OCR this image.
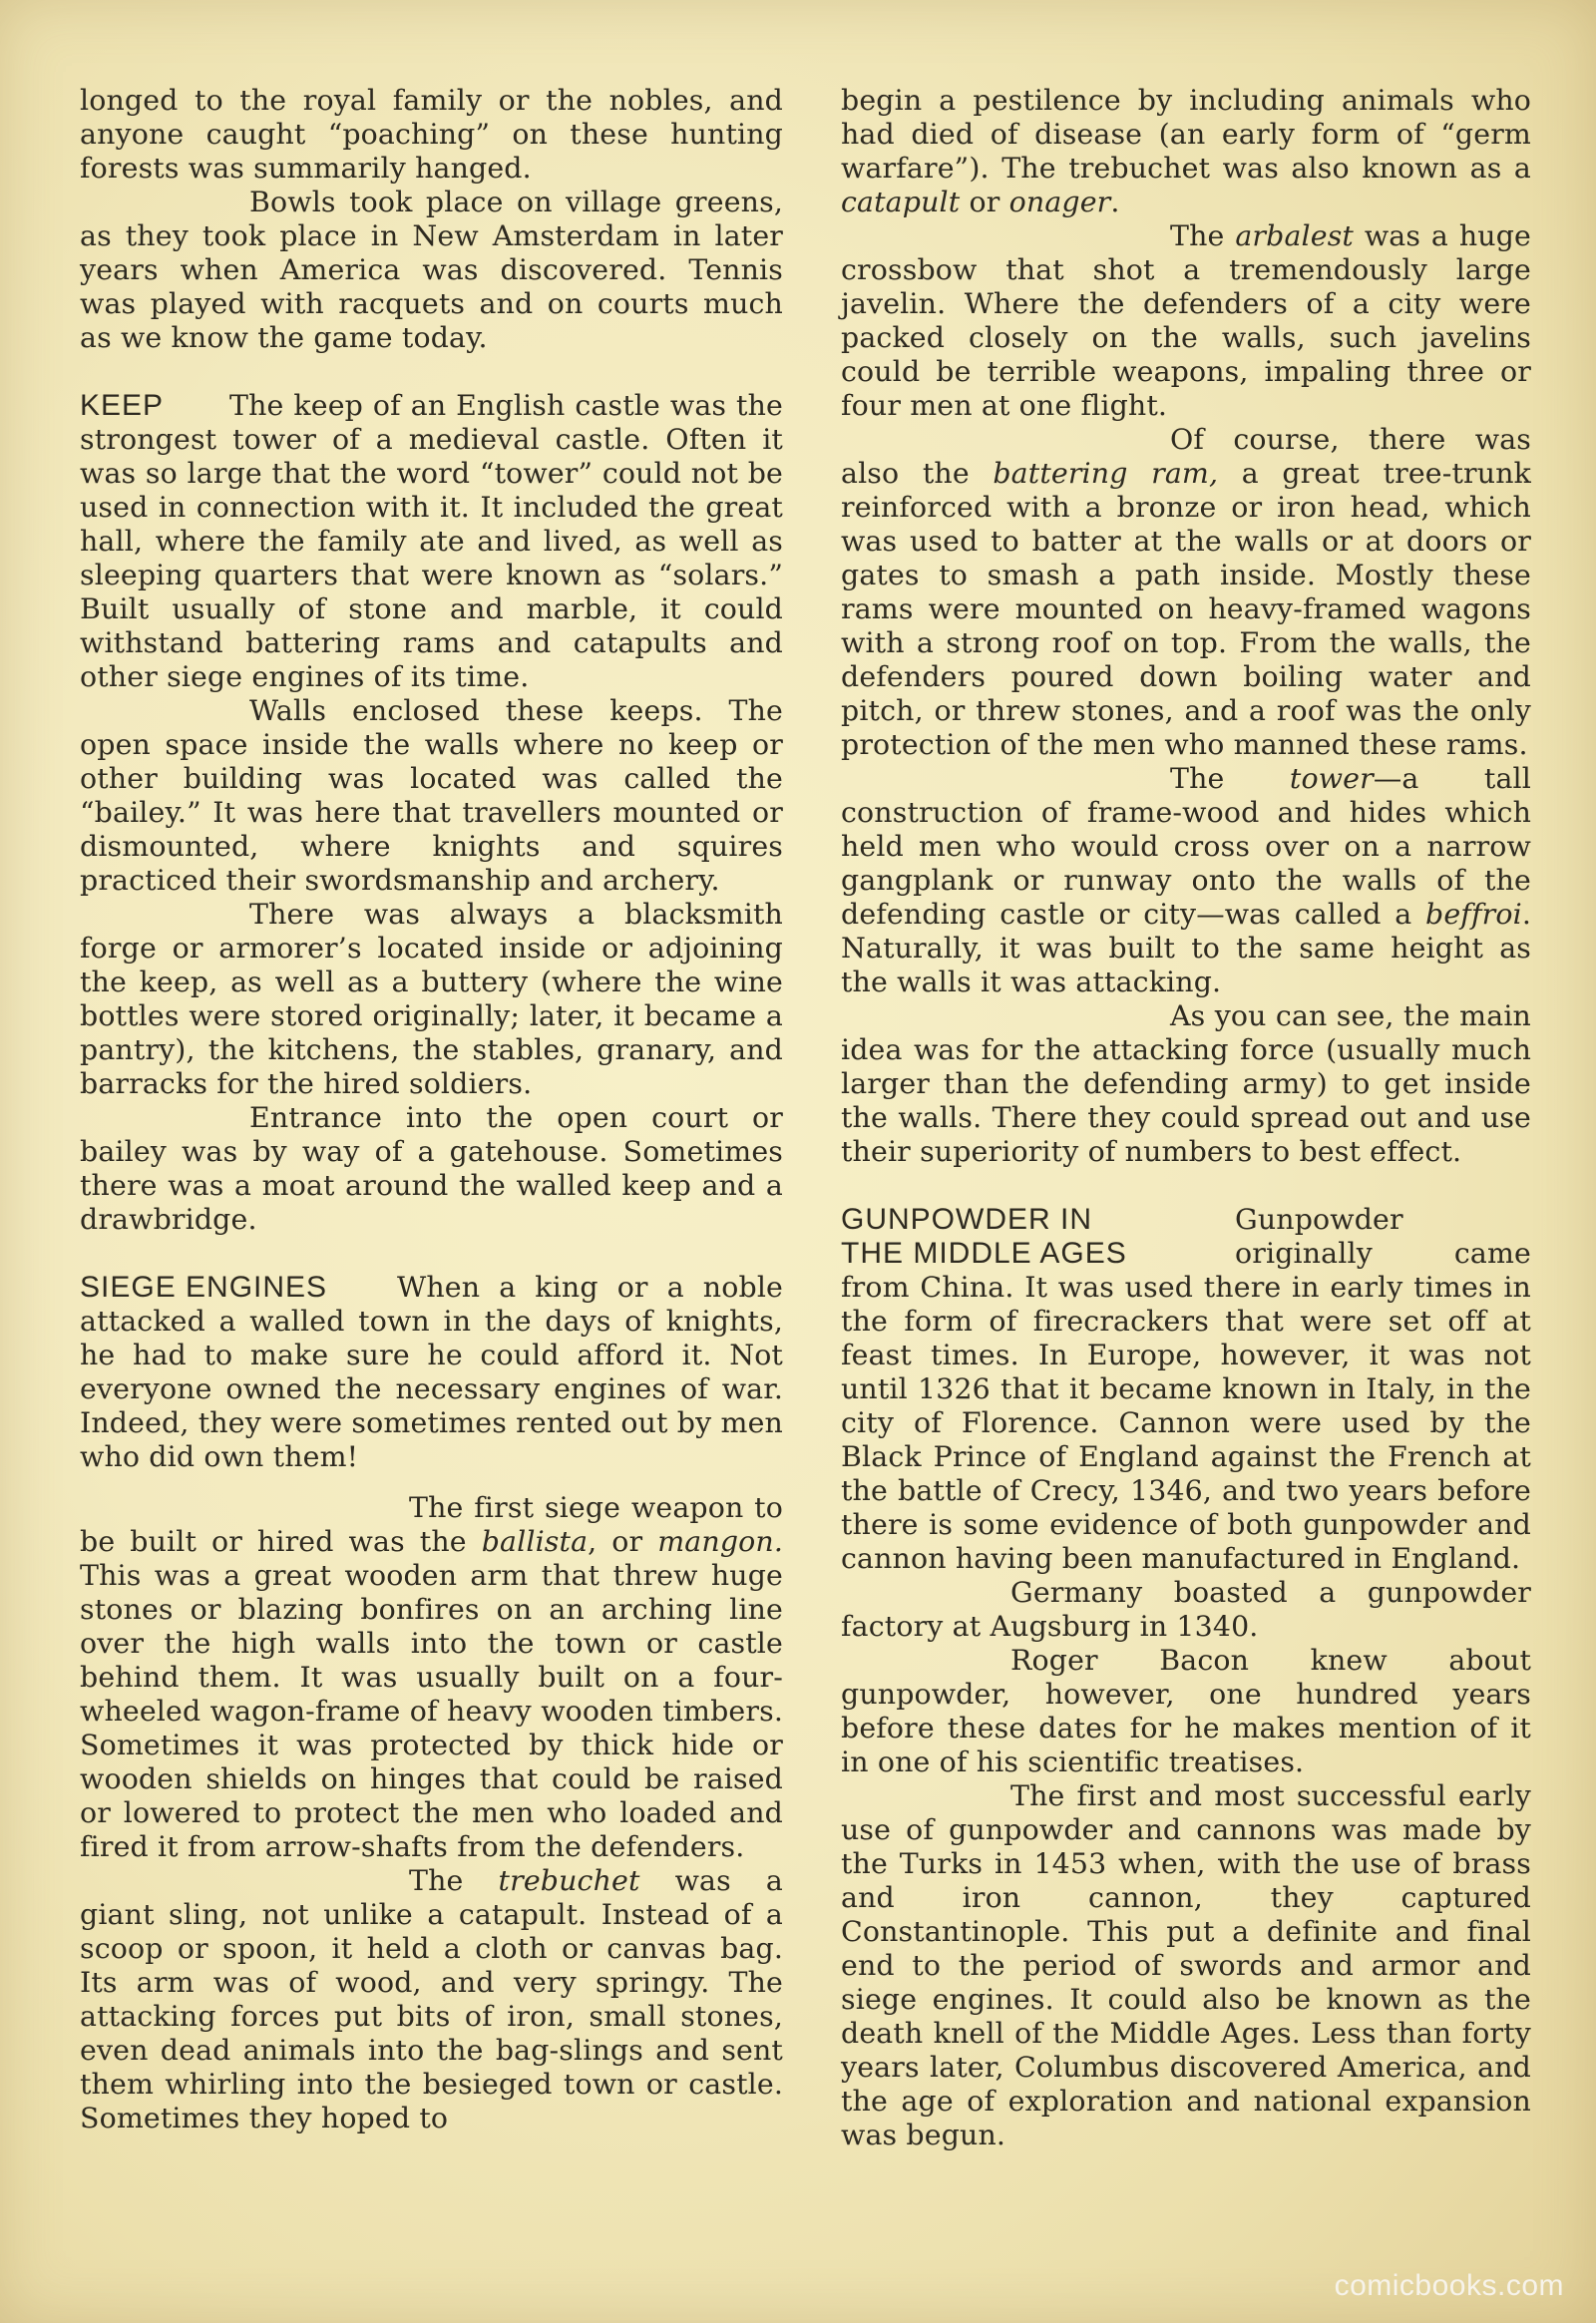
longed to the royal family or the nobles, and anyone caught “poaching” on these hunting forests was summarily hanged.

Bowls took place on village greens, as they took place in New Amsterdam in later years when America was discovered. Tennis was played with racquets and on courts much as we know the game today.

KEEP	The keep of an English castle was the strongest tower of a medieval castle. Often it was so large that the word “tower” could not be used in connection with it. It included the great hall, where the family ate and lived, as well as sleeping quarters that were known as “solars.” Built usually of stone and marble, it could withstand battering rams and catapults and other siege engines of its time.

Walls enclosed these keeps. The open space inside the walls where no keep or other building was located was called the “bailey.” It was here that travellers mounted or dismounted, where knights and squires practiced their swordsmanship and archery.

There was always a blacksmith forge or armorer’s located inside or adjoining the keep, as well as a buttery (where the wine bottles were stored originally; later, it became a pantry), the kitchens, the stables, granary, and barracks for the hired soldiers.

Entrance into the open court or bailey was by way of a gatehouse. Sometimes there was a moat around the walled keep and a drawbridge.

SIEGE ENGINES	When a king or a noble attacked a walled town in the days of knights, he had to make sure he could afford it. Not everyone owned the necessary engines of war. Indeed, they were sometimes rented out by men who did own them!

The first siege weapon to be built or hired was the ballista, or mangon. This was a great wooden arm that threw huge stones or blazing bonfires on an arching line over the high walls into the town or castle behind them. It was usually built on a four-wheeled wagon-frame of heavy wooden timbers. Sometimes it was protected by thick hide or wooden shields on hinges that could be raised or lowered to protect the men who loaded and fired it from arrow-shafts from the defenders.

The trebuchet was a giant sling, not unlike a catapult. Instead of a scoop or spoon, it held a cloth or canvas bag. Its arm was of wood, and very springy. The attacking forces put bits of iron, small stones, even dead animals into the bag-slings and sent them whirling into the besieged town or castle. Sometimes they hoped to

begin a pestilence by including animals who had died of disease (an early form of “germ warfare”). The trebuchet was also known as a catapult or onager.

The arbalest was a huge crossbow that shot a tremendously large javelin. Where the defenders of a city were packed closely on the walls, such javelins could be terrible weapons, impaling three or four men at one flight.

Of course, there was also the battering ram, a great tree-trunk reinforced with a bronze or iron head, which was used to batter at the walls or at doors or gates to smash a path inside. Mostly these rams were mounted on heavy-framed wagons with a strong roof on top. From the walls, the defenders poured down boiling water and pitch, or threw stones, and a roof was the only protection of the men who manned these rams.

The tower—a tall construction of frame-wood and hides which held men who would cross over on a narrow gangplank or runway onto the walls of the defending castle or city—was called a beffroi. Naturally, it was built to the same height as the walls it was attacking.

As you can see, the main idea was for the attacking force (usually much larger than the defending army) to get inside the walls. There they could spread out and use their superiority of numbers to best effect.

GUNPOWDER IN
THE MIDDLE AGES

Gunpowder originally came from China. It was used there in early times in the form of firecrackers that were set off at feast times. In Europe, however, it was not until 1326 that it became known in Italy, in the city of Florence. Cannon were used by the Black Prince of England against the French at the battle of Crecy, 1346, and two years before there is some evidence of both gunpowder and cannon having been manufactured in England.

Germany boasted a gunpowder factory at Augsburg in 1340.

Roger Bacon knew about gunpowder, however, one hundred years before these dates for he makes mention of it in one of his scientific treatises.

The first and most successful early use of gunpowder and cannons was made by the Turks in 1453 when, with the use of brass and iron cannon, they captured Constantinople. This put a definite and final end to the period of swords and armor and siege engines. It could also be known as the death knell of the Middle Ages. Less than forty years later, Columbus discovered America, and the age of exploration and national expansion was begun.

comicbooks.com
